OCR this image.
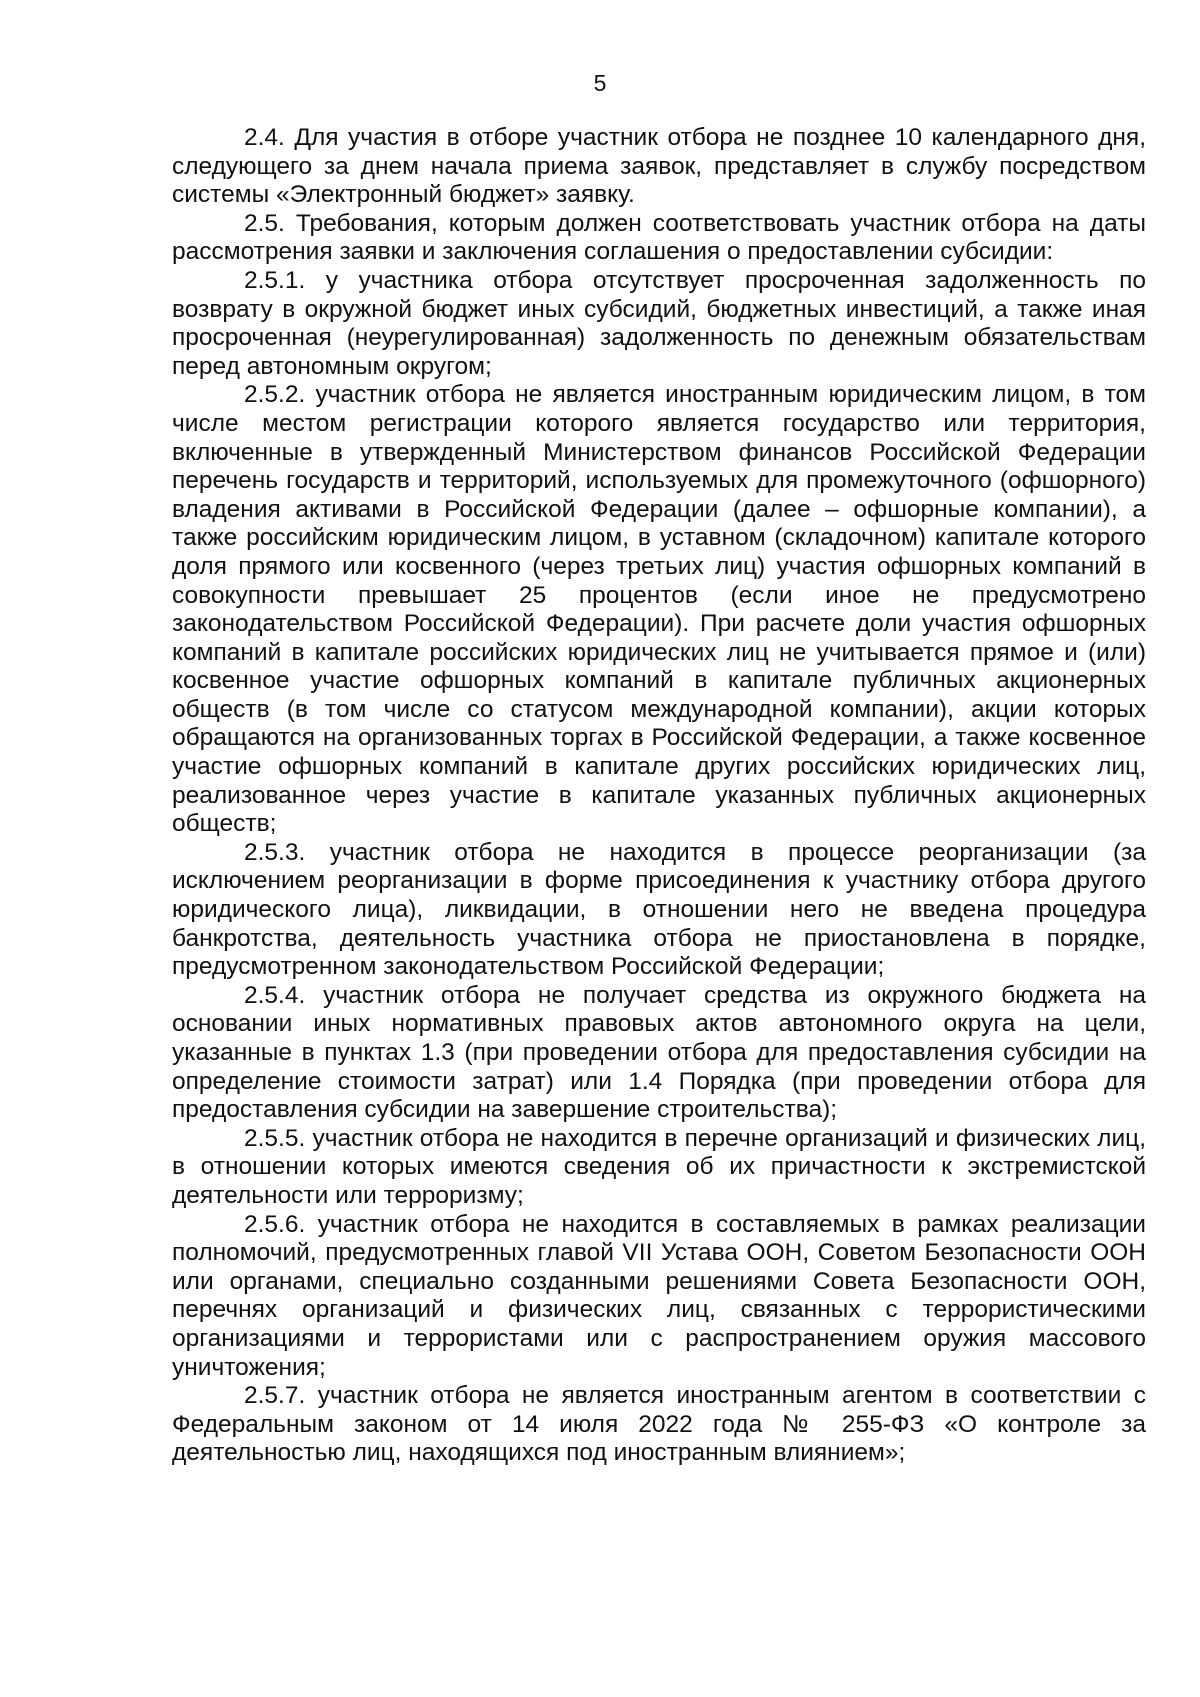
5

2.4. Для участия в отборе участник отбора не позднее 10 календарного дня, следующего за днем начала приема заявок, представляет в службу посредством системы «Электронный бюджет» заявку.

2.5. Требования, которым должен соответствовать участник отбора на даты рассмотрения заявки и заключения соглашения о предоставлении субсидии:

2.5.1. у участника отбора отсутствует просроченная задолженность по возврату в окружной бюджет иных субсидий, бюджетных инвестиций, а также иная просроченная (неурегулированная) задолженность по денежным обязательствам перед автономным округом;

2.5.2. участник отбора не является иностранным юридическим лицом, в том числе местом регистрации которого является государство или территория, включенные в утвержденный Министерством финансов Российской Федерации перечень государств и территорий, используемых для промежуточного (офшорного) владения активами в Российской Федерации (далее – офшорные компании), а также российским юридическим лицом, в уставном (складочном) капитале которого доля прямого или косвенного (через третьих лиц) участия офшорных компаний в совокупности превышает 25 процентов (если иное не предусмотрено законодательством Российской Федерации). При расчете доли участия офшорных компаний в капитале российских юридических лиц не учитывается прямое и (или) косвенное участие офшорных компаний в капитале публичных акционерных обществ (в том числе со статусом международной компании), акции которых обращаются на организованных торгах в Российской Федерации, а также косвенное участие офшорных компаний в капитале других российских юридических лиц, реализованное через участие в капитале указанных публичных акционерных обществ;

2.5.3. участник отбора не находится в процессе реорганизации (за исключением реорганизации в форме присоединения к участнику отбора другого юридического лица), ликвидации, в отношении него не введена процедура банкротства, деятельность участника отбора не приостановлена в порядке, предусмотренном законодательством Российской Федерации;

2.5.4. участник отбора не получает средства из окружного бюджета на основании иных нормативных правовых актов автономного округа на цели, указанные в пунктах 1.3 (при проведении отбора для предоставления субсидии на определение стоимости затрат) или 1.4 Порядка (при проведении отбора для предоставления субсидии на завершение строительства);

2.5.5. участник отбора не находится в перечне организаций и физических лиц, в отношении которых имеются сведения об их причастности к экстремистской деятельности или терроризму;

2.5.6. участник отбора не находится в составляемых в рамках реализации полномочий, предусмотренных главой VII Устава ООН, Советом Безопасности ООН или органами, специально созданными решениями Совета Безопасности ООН, перечнях организаций и физических лиц, связанных с террористическими организациями и террористами или с распространением оружия массового уничтожения;

2.5.7. участник отбора не является иностранным агентом в соответствии с Федеральным законом от 14 июля 2022 года № 255-ФЗ «О контроле за деятельностью лиц, находящихся под иностранным влиянием»;
